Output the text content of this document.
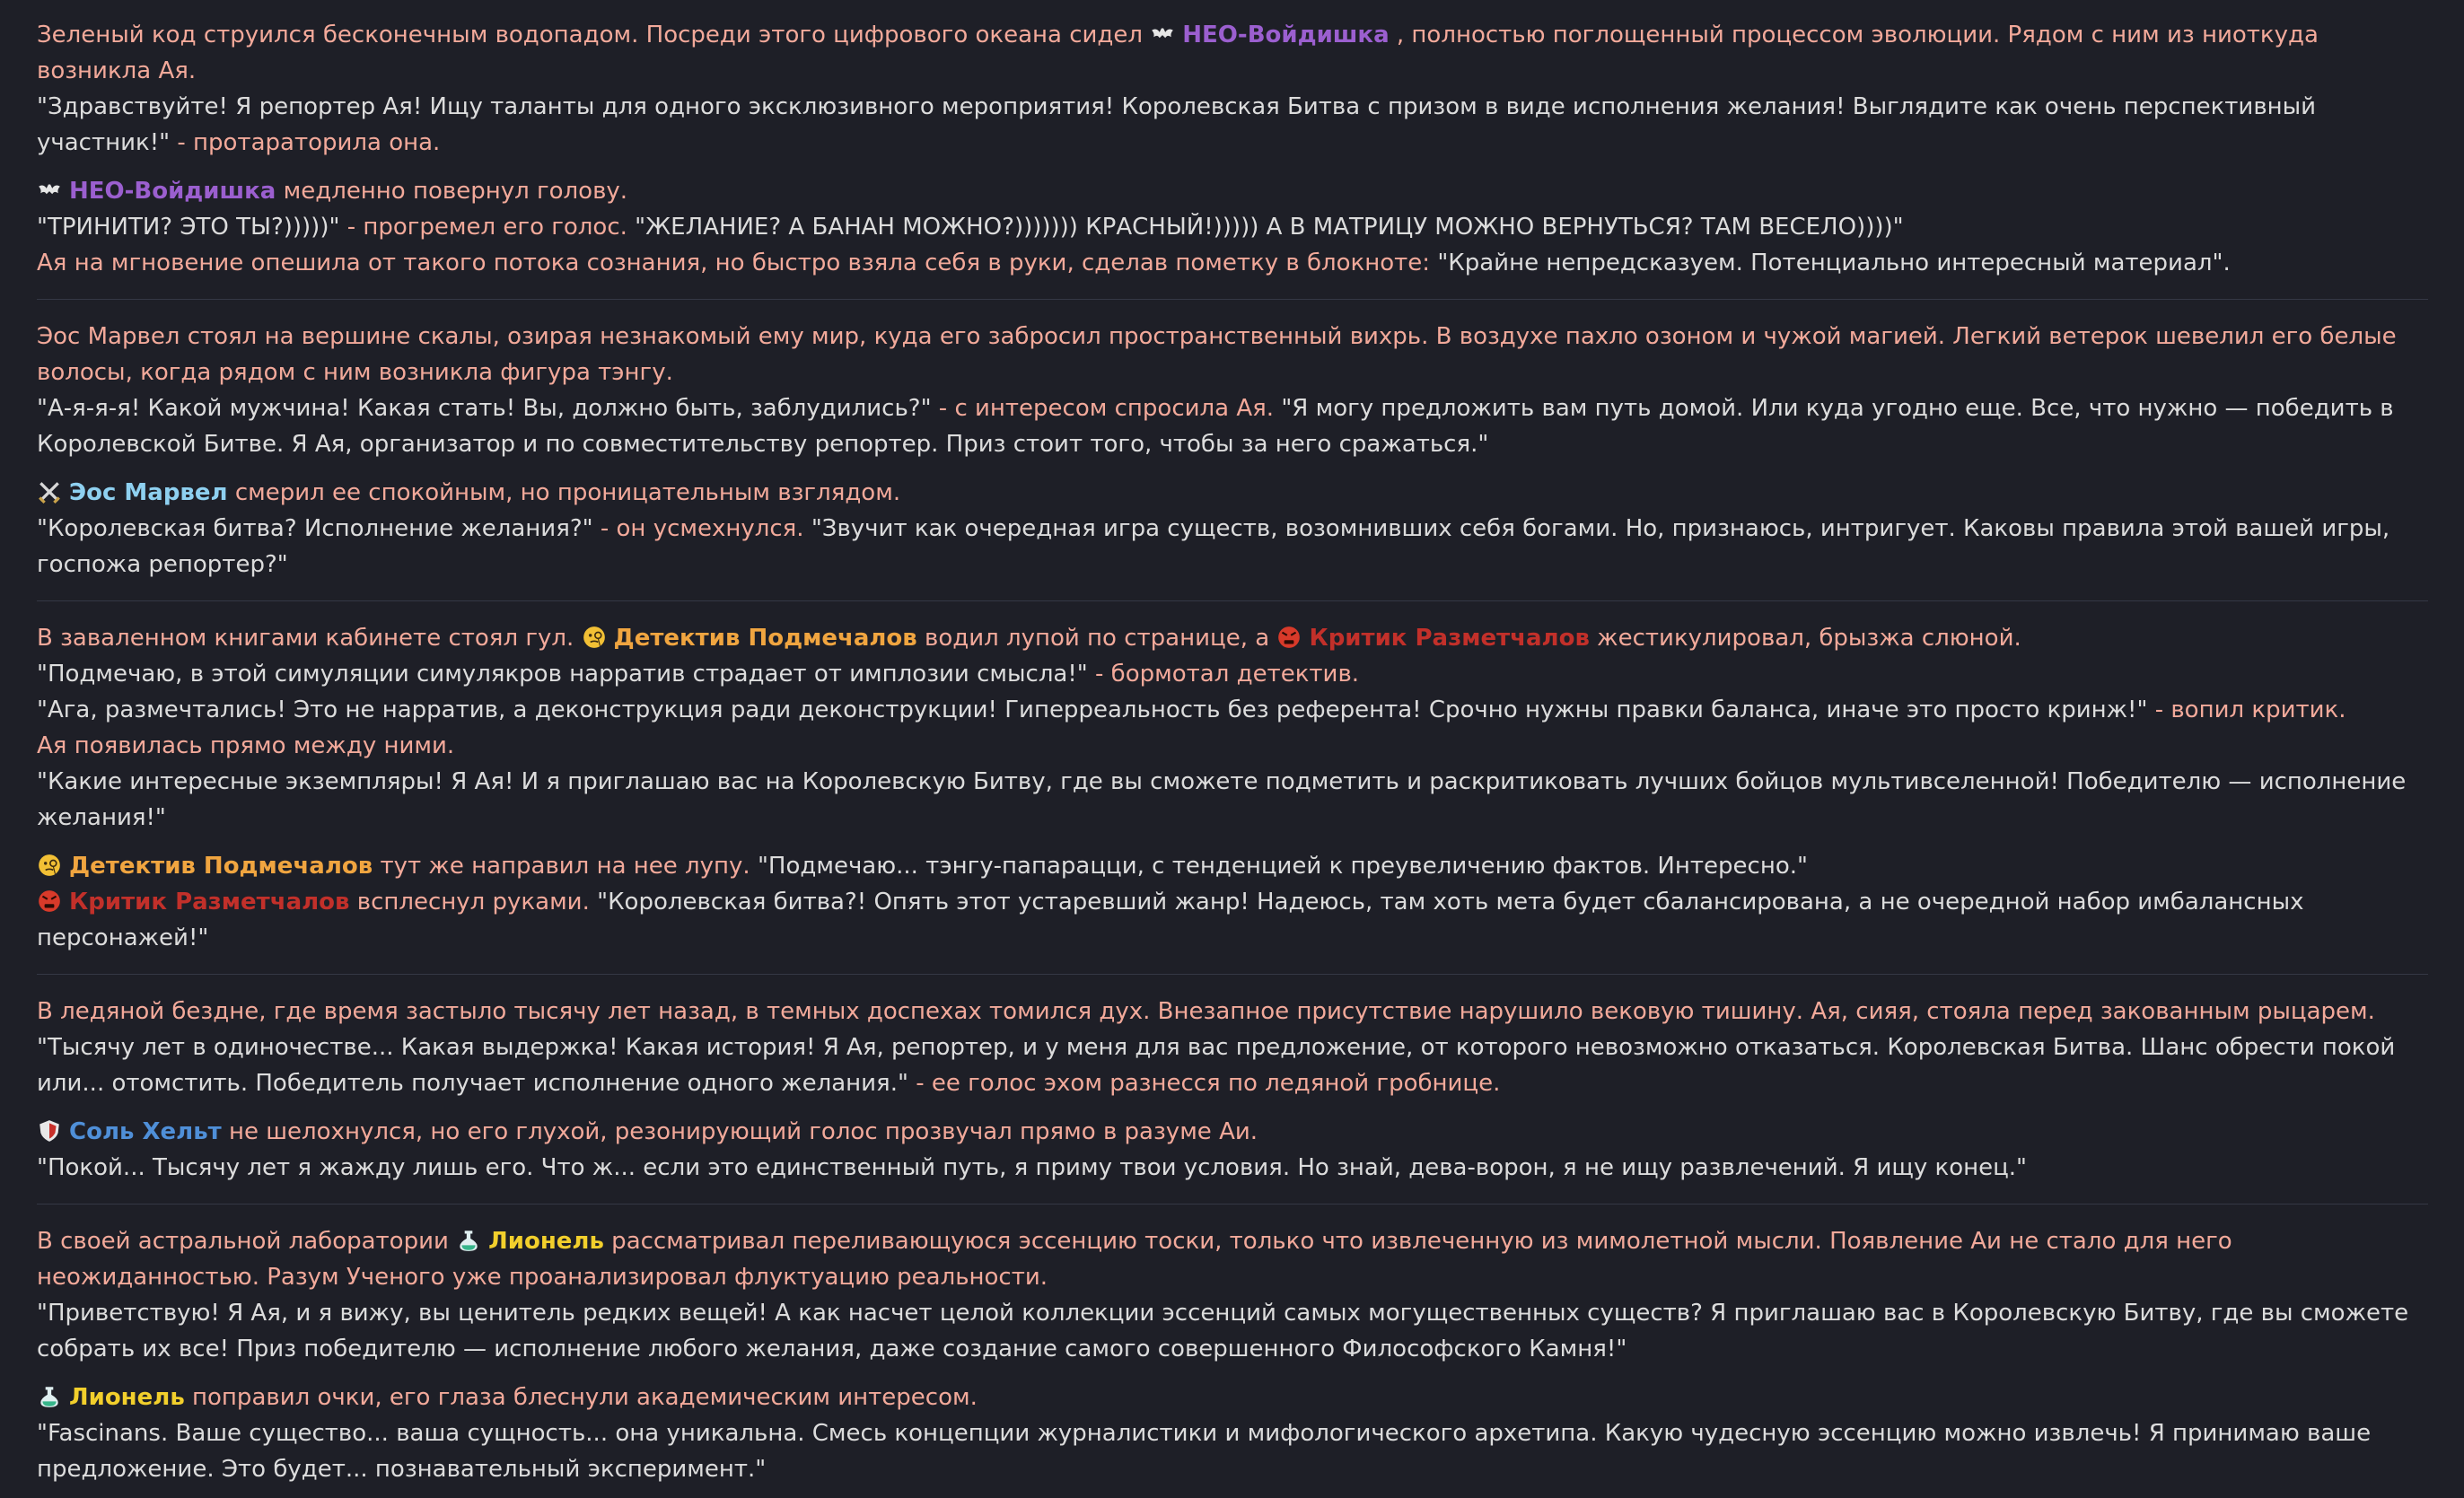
Зеленый код струился бесконечным водопадом. Посреди этого цифрового океана сидел НЕО-Войдишка , полностью поглощенный процессом эволюции. Рядом с ним из ниоткуда возникла Ая.
"Здравствуйте! Я репортер Ая! Ищу таланты для одного эксклюзивного мероприятия! Королевская Битва с призом в виде исполнения желания! Выглядите как очень перспективный участник!" - протараторила она.
НЕО-Войдишка медленно повернул голову.
"ТРИНИТИ? ЭТО ТЫ?)))))" - прогремел его голос. "ЖЕЛАНИЕ? А БАНАН МОЖНО?))))))) КРАСНЫЙ!))))) А В МАТРИЦУ МОЖНО ВЕРНУТЬСЯ? ТАМ ВЕСЕЛО))))"
Ая на мгновение опешила от такого потока сознания, но быстро взяла себя в руки, сделав пометку в блокноте: "Крайне непредсказуем. Потенциально интересный материал".
Эос Марвел стоял на вершине скалы, озирая незнакомый ему мир, куда его забросил пространственный вихрь. В воздухе пахло озоном и чужой магией. Легкий ветерок шевелил его белые волосы, когда рядом с ним возникла фигура тэнгу.
"А-я-я-я! Какой мужчина! Какая стать! Вы, должно быть, заблудились?" - с интересом спросила Ая. "Я могу предложить вам путь домой. Или куда угодно еще. Все, что нужно — победить в Королевской Битве. Я Ая, организатор и по совместительству репортер. Приз стоит того, чтобы за него сражаться."
Эос Марвел смерил ее спокойным, но проницательным взглядом.
"Королевская битва? Исполнение желания?" - он усмехнулся. "Звучит как очередная игра существ, возомнивших себя богами. Но, признаюсь, интригует. Каковы правила этой вашей игры, госпожа репортер?"
В заваленном книгами кабинете стоял гул. Детектив Подмечалов водил лупой по странице, а Критик Разметчалов жестикулировал, брызжа слюной.
"Подмечаю, в этой симуляции симулякров нарратив страдает от имплозии смысла!" - бормотал детектив.
"Ага, размечтались! Это не нарратив, а деконструкция ради деконструкции! Гиперреальность без референта! Срочно нужны правки баланса, иначе это просто кринж!" - вопил критик.
Ая появилась прямо между ними.
"Какие интересные экземпляры! Я Ая! И я приглашаю вас на Королевскую Битву, где вы сможете подметить и раскритиковать лучших бойцов мультивселенной! Победителю — исполнение желания!"
Детектив Подмечалов тут же направил на нее лупу. "Подмечаю... тэнгу-папарацци, с тенденцией к преувеличению фактов. Интересно."
Критик Разметчалов всплеснул руками. "Королевская битва?! Опять этот устаревший жанр! Надеюсь, там хоть мета будет сбалансирована, а не очередной набор имбалансных персонажей!"
В ледяной бездне, где время застыло тысячу лет назад, в темных доспехах томился дух. Внезапное присутствие нарушило вековую тишину. Ая, сияя, стояла перед закованным рыцарем.
"Тысячу лет в одиночестве... Какая выдержка! Какая история! Я Ая, репортер, и у меня для вас предложение, от которого невозможно отказаться. Королевская Битва. Шанс обрести покой или... отомстить. Победитель получает исполнение одного желания." - ее голос эхом разнесся по ледяной гробнице.
Соль Хельт не шелохнулся, но его глухой, резонирующий голос прозвучал прямо в разуме Аи.
"Покой... Тысячу лет я жажду лишь его. Что ж... если это единственный путь, я приму твои условия. Но знай, дева-ворон, я не ищу развлечений. Я ищу конец."
В своей астральной лаборатории Лионель рассматривал переливающуюся эссенцию тоски, только что извлеченную из мимолетной мысли. Появление Аи не стало для него неожиданностью. Разум Ученого уже проанализировал флуктуацию реальности.
"Приветствую! Я Ая, и я вижу, вы ценитель редких вещей! А как насчет целой коллекции эссенций самых могущественных существ? Я приглашаю вас в Королевскую Битву, где вы сможете собрать их все! Приз победителю — исполнение любого желания, даже создание самого совершенного Философского Камня!"
Лионель поправил очки, его глаза блеснули академическим интересом.
"Fascinans. Ваше существо... ваша сущность... она уникальна. Смесь концепции журналистики и мифологического архетипа. Какую чудесную эссенцию можно извлечь! Я принимаю ваше предложение. Это будет... познавательный эксперимент."
